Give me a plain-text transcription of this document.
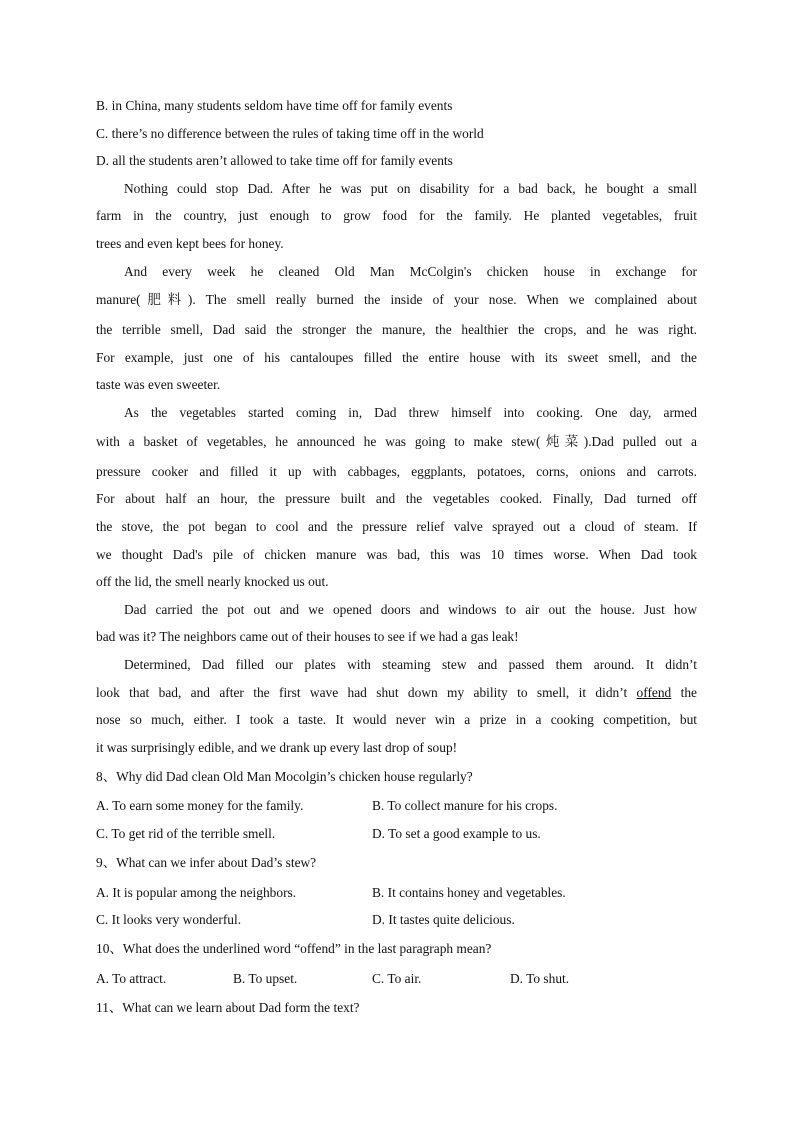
B. in China, many students seldom have time off for family events
C. there’s no difference between the rules of taking time off in the world
D. all the students aren’t allowed to take time off for family events
Nothing could stop Dad. After he was put on disability for a bad back, he bought a small
farm in the country, just enough to grow food for the family. He planted vegetables, fruit
trees and even kept bees for honey.
And every week he cleaned Old Man McColgin's chicken house in exchange for
manure(肥料). The smell really burned the inside of your nose. When we complained about
the terrible smell, Dad said the stronger the manure, the healthier the crops, and he was right.
For example, just one of his cantaloupes filled the entire house with its sweet smell, and the
taste was even sweeter.
As the vegetables started coming in, Dad threw himself into cooking. One day, armed
with a basket of vegetables, he announced he was going to make stew(炖菜).Dad pulled out a
pressure cooker and filled it up with cabbages, eggplants, potatoes, corns, onions and carrots.
For about half an hour, the pressure built and the vegetables cooked. Finally, Dad turned off
the stove, the pot began to cool and the pressure relief valve sprayed out a cloud of steam. If
we thought Dad's pile of chicken manure was bad, this was 10 times worse. When Dad took
off the lid, the smell nearly knocked us out.
Dad carried the pot out and we opened doors and windows to air out the house. Just how
bad was it? The neighbors came out of their houses to see if we had a gas leak!
Determined, Dad filled our plates with steaming stew and passed them around. It didn’t
look that bad, and after the first wave had shut down my ability to smell, it didn’t offend the
nose so much, either. I took a taste. It would never win a prize in a cooking competition, but
it was surprisingly edible, and we drank up every last drop of soup!
8、Why did Dad clean Old Man Mocolgin’s chicken house regularly?
A. To earn some money for the family.	B. To collect manure for his crops.
C. To get rid of the terrible smell.	D. To set a good example to us.
9、What can we infer about Dad’s stew?
A. It is popular among the neighbors.	B. It contains honey and vegetables.
C. It looks very wonderful.	D. It tastes quite delicious.
10、What does the underlined word “offend” in the last paragraph mean?
A. To attract.	B. To upset.	C. To air.	D. To shut.
11、What can we learn about Dad form the text?
